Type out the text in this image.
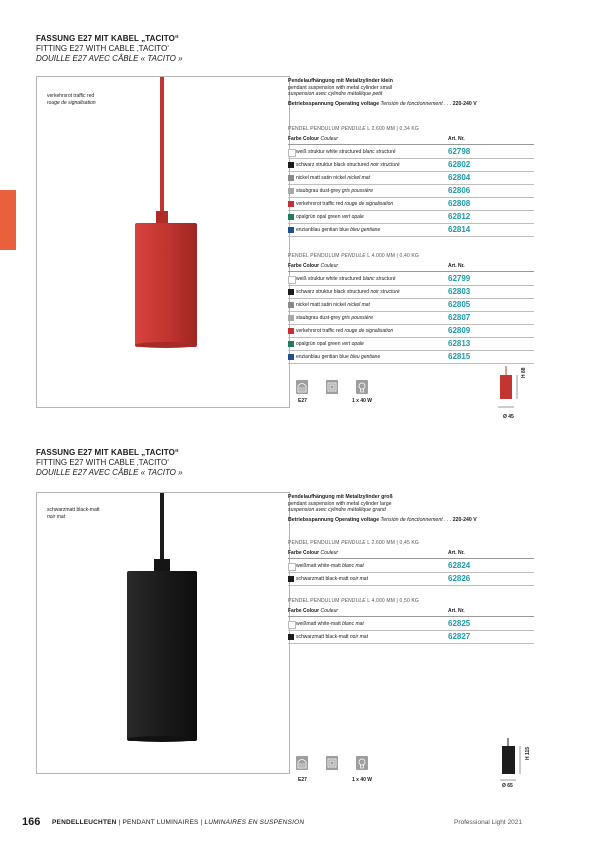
FASSUNG E27 MIT KABEL „TACITO“
FITTING E27 WITH CABLE ‚TACITO‘
DOUILLE E27 AVEC CÂBLE « TACITO »
verkehrsrot traffic red
rouge de signalisation
Pendelaufhängung mit Metallzylinder klein
pendant suspension with metal cylinder small
suspension avec cylindre métallique petit
Betriebsspannung Operating voltage Tension de fonctionnement . . . 220-240 V
PENDEL PENDULUM PENDULE L 2.600 MM | 0,34 KG
Farbe Colour Couleur	Art. Nr.
weiß struktur white structured blanc structuré	62798
schwarz struktur black structured noir structuré	62802
nickel matt satin nickel nickel mat	62804
staubgrau dust-grey gris poussière	62806
verkehrsrot traffic red rouge de signalisation	62808
opalgrün opal green vert opale	62812
enzianblau gentian blue bleu gentiane	62814
PENDEL PENDULUM PENDULE L 4.000 MM | 0,40 KG
Farbe Colour Couleur	Art. Nr.
weiß struktur white structured blanc structuré	62799
schwarz struktur black structured noir structuré	62803
nickel matt satin nickel nickel mat	62805
staubgrau dust-grey gris poussière	62807
verkehrsrot traffic red rouge de signalisation	62809
opalgrün opal green vert opale	62813
enzianblau gentian blue bleu gentiane	62815
E27	1 x 40 W
H 88
Ø 45
FASSUNG E27 MIT KABEL „TACITO“
FITTING E27 WITH CABLE ‚TACITO‘
DOUILLE E27 AVEC CÂBLE « TACITO »
schwarzmatt black-matt
noir mat
Pendelaufhängung mit Metallzylinder groß
pendant suspension with metal cylinder large
suspension avec cylindre métallique grand
Betriebsspannung Operating voltage Tension de fonctionnement . . . 220-240 V
PENDEL PENDULUM PENDULE L 2.600 MM | 0,45 KG
Farbe Colour Couleur	Art. Nr.
weißmatt white-matt blanc mat	62824
schwarzmatt black-matt noir mat	62826
PENDEL PENDULUM PENDULE L 4.000 MM | 0,50 KG
Farbe Colour Couleur	Art. Nr.
weißmatt white-matt blanc mat	62825
schwarzmatt black-matt noir mat	62827
E27	1 x 40 W
H 115
Ø 65
166 PENDELLEUCHTEN | PENDANT LUMINAIRES | LUMINAIRES EN SUSPENSION	Professional Light 2021
